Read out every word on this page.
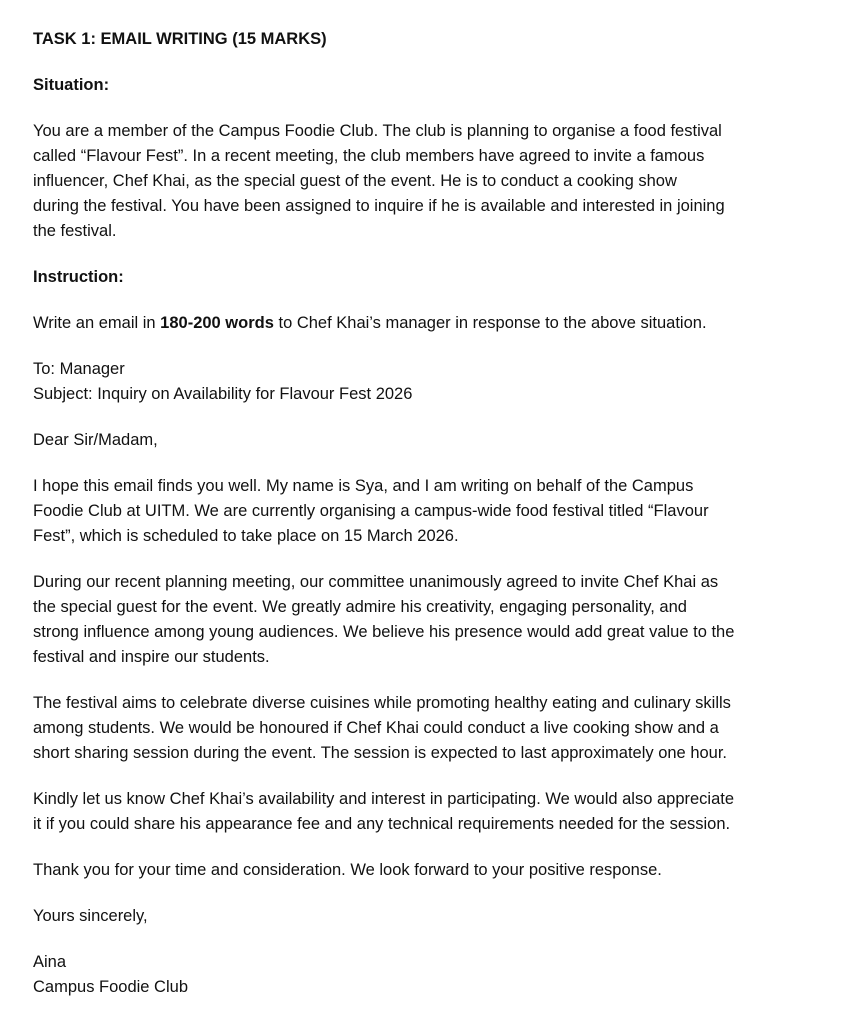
TASK 1: EMAIL WRITING (15 MARKS)

Situation:

You are a member of the Campus Foodie Club. The club is planning to organise a food festival
called “Flavour Fest”. In a recent meeting, the club members have agreed to invite a famous
influencer, Chef Khai, as the special guest of the event. He is to conduct a cooking show
during the festival. You have been assigned to inquire if he is available and interested in joining
the festival.

Instruction:

Write an email in 180-200 words to Chef Khai’s manager in response to the above situation.

To: Manager
Subject: Inquiry on Availability for Flavour Fest 2026

Dear Sir/Madam,

I hope this email finds you well. My name is Sya, and I am writing on behalf of the Campus
Foodie Club at UITM. We are currently organising a campus-wide food festival titled “Flavour
Fest”, which is scheduled to take place on 15 March 2026.

During our recent planning meeting, our committee unanimously agreed to invite Chef Khai as
the special guest for the event. We greatly admire his creativity, engaging personality, and
strong influence among young audiences. We believe his presence would add great value to the
festival and inspire our students.

The festival aims to celebrate diverse cuisines while promoting healthy eating and culinary skills
among students. We would be honoured if Chef Khai could conduct a live cooking show and a
short sharing session during the event. The session is expected to last approximately one hour.

Kindly let us know Chef Khai’s availability and interest in participating. We would also appreciate
it if you could share his appearance fee and any technical requirements needed for the session.

Thank you for your time and consideration. We look forward to your positive response.

Yours sincerely,

Aina
Campus Foodie Club
